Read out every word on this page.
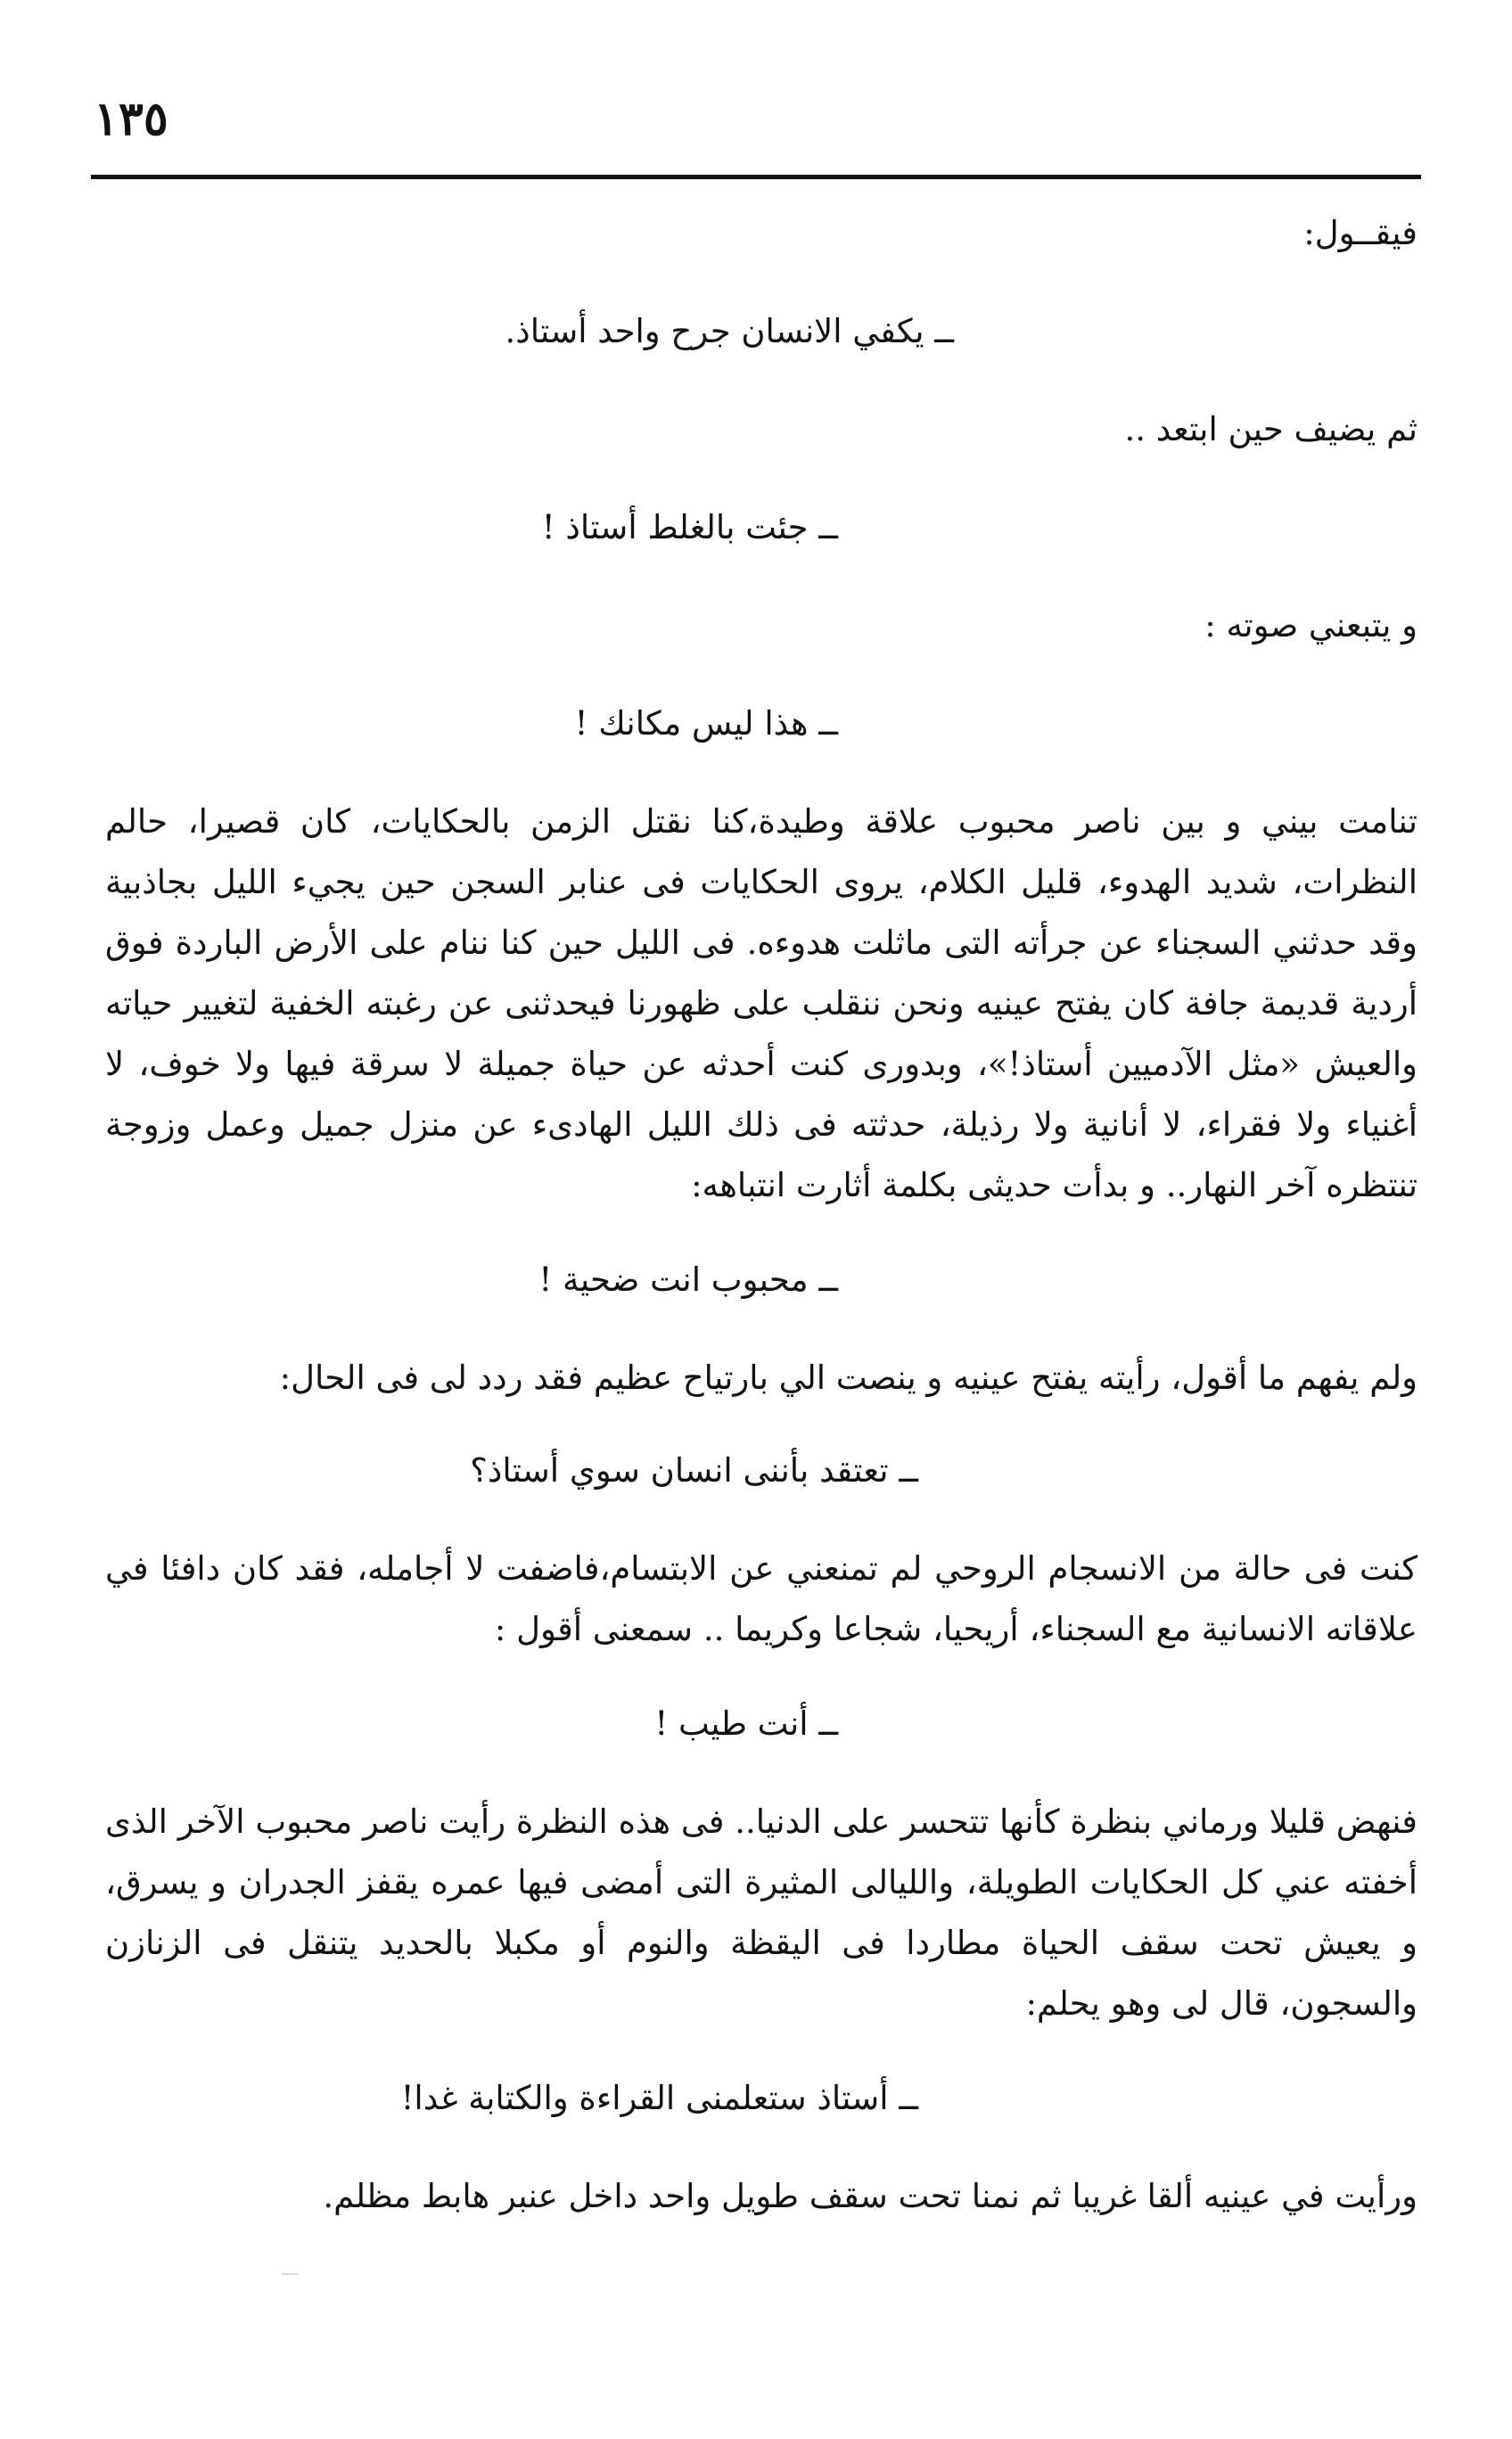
١٣٥
فيقــول:
ــ يكفي الانسان جرح واحد أستاذ.
ثم يضيف حين ابتعد ..
ــ جئت بالغلط أستاذ !
و يتبعني صوته :
ــ هذا ليس مكانك !
تنامت بيني و بين ناصر محبوب علاقة وطيدة،كنا نقتل الزمن بالحكايات، كان قصيرا، حالم النظرات، شديد الهدوء، قليل الكلام، يروى الحكايات فى عنابر السجن حين يجيء الليل بجاذبية وقد حدثني السجناء عن جرأته التى ماثلت هدوءه. فى الليل حين كنا ننام على الأرض الباردة فوق أردية قديمة جافة كان يفتح عينيه ونحن ننقلب على ظهورنا فيحدثنى عن رغبته الخفية لتغيير حياته والعيش «مثل الآدميين أستاذ!»، وبدورى كنت أحدثه عن حياة جميلة لا سرقة فيها ولا خوف، لا أغنياء ولا فقراء، لا أنانية ولا رذيلة، حدثته فى ذلك الليل الهادىء عن منزل جميل وعمل وزوجة تنتظره آخر النهار.. و بدأت حديثى بكلمة أثارت انتباهه:
ــ محبوب انت ضحية !
ولم يفهم ما أقول، رأيته يفتح عينيه و ينصت الي بارتياح عظيم فقد ردد لى فى الحال:
ــ تعتقد بأننى انسان سوي أستاذ؟
كنت فى حالة من الانسجام الروحي لم تمنعني عن الابتسام،فاضفت لا أجامله، فقد كان دافئا في علاقاته الانسانية مع السجناء، أريحيا، شجاعا وكريما .. سمعنى أقول :
ــ أنت طيب !
فنهض قليلا ورماني بنظرة كأنها تتحسر على الدنيا.. فى هذه النظرة رأيت ناصر محبوب الآخر الذى أخفته عني كل الحكايات الطويلة، والليالى المثيرة التى أمضى فيها عمره يقفز الجدران و يسرق، و يعيش تحت سقف الحياة مطاردا فى اليقظة والنوم أو مكبلا بالحديد يتنقل فى الزنازن والسجون، قال لى وهو يحلم:
ــ أستاذ ستعلمنى القراءة والكتابة غدا!
ورأيت في عينيه ألقا غريبا ثم نمنا تحت سقف طويل واحد داخل عنبر هابط مظلم.
